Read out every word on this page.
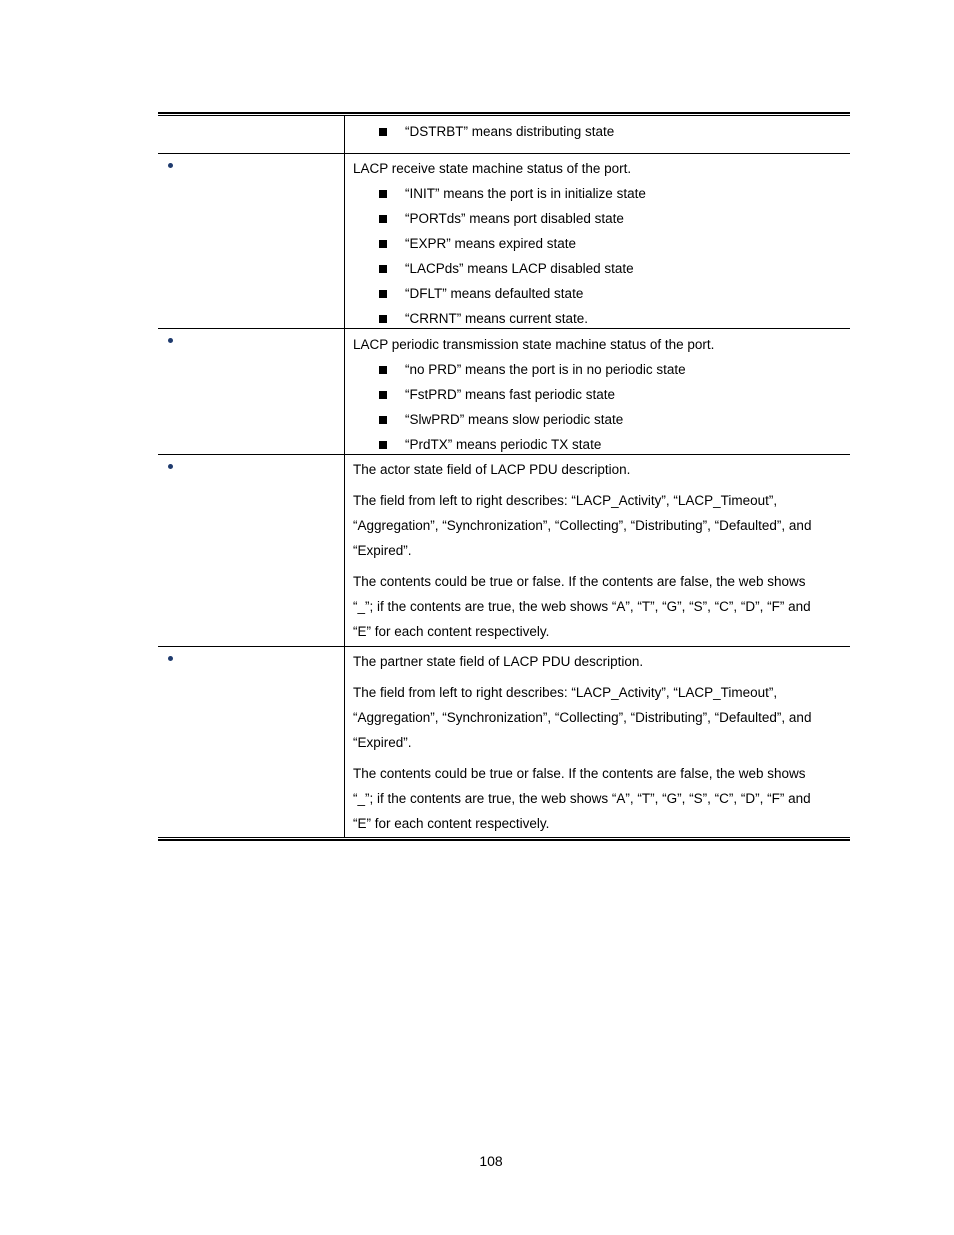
“DSTRBT” means distributing state

LACP receive state machine status of the port.

“INIT” means the port is in initialize state
“PORTds” means port disabled state
“EXPR” means expired state
“LACPds” means LACP disabled state
“DFLT” means defaulted state
“CRRNT” means current state.

LACP periodic transmission state machine status of the port.

“no PRD” means the port is in no periodic state
“FstPRD” means fast periodic state
“SlwPRD” means slow periodic state
“PrdTX” means periodic TX state

The actor state field of LACP PDU description.

The field from left to right describes: “LACP_Activity”, “LACP_Timeout”,
“Aggregation”, “Synchronization”, “Collecting”, “Distributing”, “Defaulted”, and
“Expired”.

The contents could be true or false. If the contents are false, the web shows
“_”; if the contents are true, the web shows “A”, “T”, “G”, “S”, “C”, “D”, “F” and
“E” for each content respectively.

The partner state field of LACP PDU description.

The field from left to right describes: “LACP_Activity”, “LACP_Timeout”,
“Aggregation”, “Synchronization”, “Collecting”, “Distributing”, “Defaulted”, and
“Expired”.

The contents could be true or false. If the contents are false, the web shows
“_”; if the contents are true, the web shows “A”, “T”, “G”, “S”, “C”, “D”, “F” and
“E” for each content respectively.

108
